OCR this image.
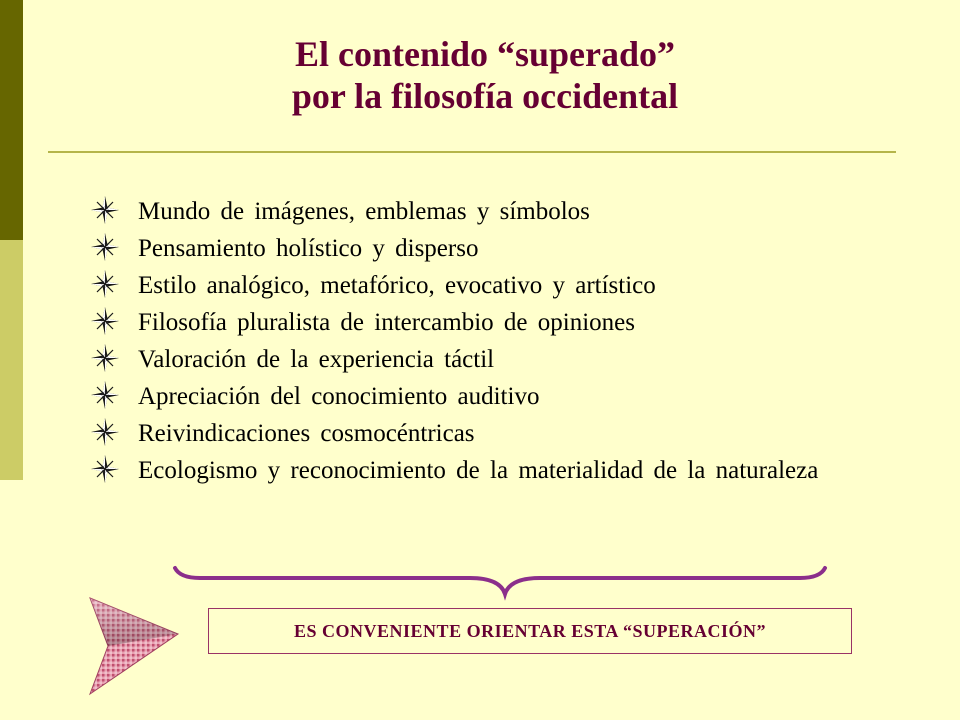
El contenido “superado”
por la filosofía occidental
Mundo de imágenes, emblemas y símbolos
Pensamiento holístico y disperso
Estilo analógico, metafórico, evocativo y artístico
Filosofía pluralista de intercambio de opiniones
Valoración de la experiencia táctil
Apreciación del conocimiento auditivo
Reivindicaciones cosmocéntricas
Ecologismo y reconocimiento de la materialidad de la naturaleza
ES CONVENIENTE ORIENTAR ESTA “SUPERACIÓN”
